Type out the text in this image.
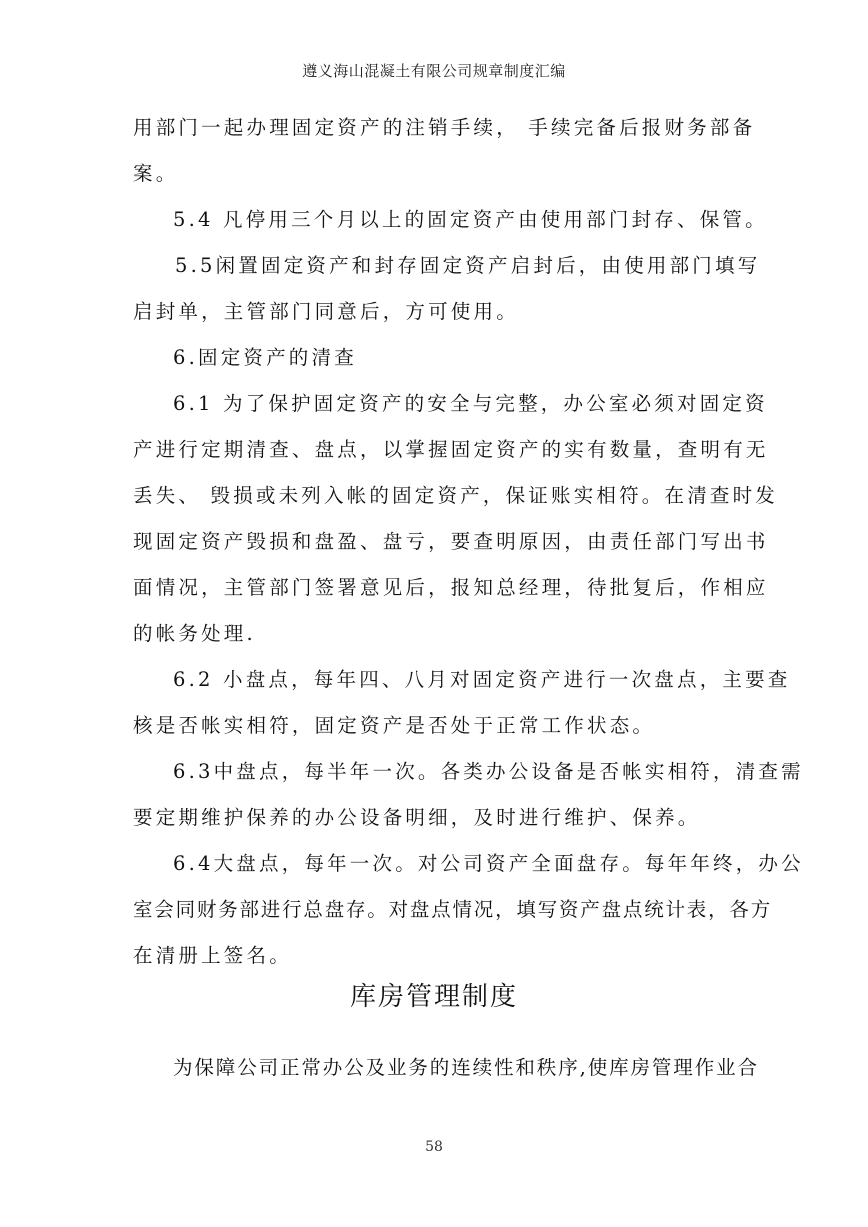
遵义海山混凝土有限公司规章制度汇编
用部门一起办理固定资产的注销手续， 手续完备后报财务部备
案。
5.4 凡停用三个月以上的固定资产由使用部门封存、保管。
5.5闲置固定资产和封存固定资产启封后，由使用部门填写
启封单，主管部门同意后，方可使用。
6.固定资产的清查
6.1 为了保护固定资产的安全与完整，办公室必须对固定资
产进行定期清查、盘点，以掌握固定资产的实有数量，查明有无
丢失、 毁损或未列入帐的固定资产，保证账实相符。在清查时发
现固定资产毁损和盘盈、盘亏，要查明原因，由责任部门写出书
面情况，主管部门签署意见后，报知总经理，待批复后，作相应
的帐务处理.
6.2 小盘点，每年四、八月对固定资产进行一次盘点，主要查
核是否帐实相符，固定资产是否处于正常工作状态。
6.3中盘点，每半年一次。各类办公设备是否帐实相符，清查需
要定期维护保养的办公设备明细，及时进行维护、保养。
6.4大盘点，每年一次。对公司资产全面盘存。每年年终，办公
室会同财务部进行总盘存。对盘点情况，填写资产盘点统计表，各方
在清册上签名。
库房管理制度
为保障公司正常办公及业务的连续性和秩序,使库房管理作业合
58
